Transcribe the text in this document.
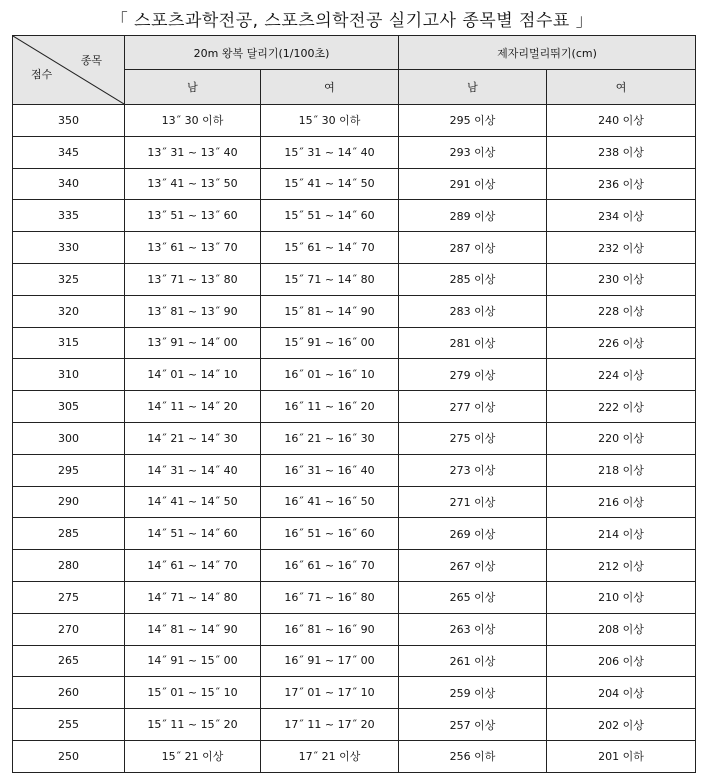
「 스포츠과학전공, 스포츠의학전공 실기고사 종목별 점수표 」
종목
점수	20m 왕복 달리기(1/100초)		제자리멀리뛰기(cm)	
	남	여	남	여
350	13˝ 30 이하	15˝ 30 이하	295 이상	240 이상
345	13˝ 31 ~ 13˝ 40	15˝ 31 ~ 14˝ 40	293 이상	238 이상
340	13˝ 41 ~ 13˝ 50	15˝ 41 ~ 14˝ 50	291 이상	236 이상
335	13˝ 51 ~ 13˝ 60	15˝ 51 ~ 14˝ 60	289 이상	234 이상
330	13˝ 61 ~ 13˝ 70	15˝ 61 ~ 14˝ 70	287 이상	232 이상
325	13˝ 71 ~ 13˝ 80	15˝ 71 ~ 14˝ 80	285 이상	230 이상
320	13˝ 81 ~ 13˝ 90	15˝ 81 ~ 14˝ 90	283 이상	228 이상
315	13˝ 91 ~ 14˝ 00	15˝ 91 ~ 16˝ 00	281 이상	226 이상
310	14˝ 01 ~ 14˝ 10	16˝ 01 ~ 16˝ 10	279 이상	224 이상
305	14˝ 11 ~ 14˝ 20	16˝ 11 ~ 16˝ 20	277 이상	222 이상
300	14˝ 21 ~ 14˝ 30	16˝ 21 ~ 16˝ 30	275 이상	220 이상
295	14˝ 31 ~ 14˝ 40	16˝ 31 ~ 16˝ 40	273 이상	218 이상
290	14˝ 41 ~ 14˝ 50	16˝ 41 ~ 16˝ 50	271 이상	216 이상
285	14˝ 51 ~ 14˝ 60	16˝ 51 ~ 16˝ 60	269 이상	214 이상
280	14˝ 61 ~ 14˝ 70	16˝ 61 ~ 16˝ 70	267 이상	212 이상
275	14˝ 71 ~ 14˝ 80	16˝ 71 ~ 16˝ 80	265 이상	210 이상
270	14˝ 81 ~ 14˝ 90	16˝ 81 ~ 16˝ 90	263 이상	208 이상
265	14˝ 91 ~ 15˝ 00	16˝ 91 ~ 17˝ 00	261 이상	206 이상
260	15˝ 01 ~ 15˝ 10	17˝ 01 ~ 17˝ 10	259 이상	204 이상
255	15˝ 11 ~ 15˝ 20	17˝ 11 ~ 17˝ 20	257 이상	202 이상
250	15˝ 21 이상	17˝ 21 이상	256 이하	201 이하
